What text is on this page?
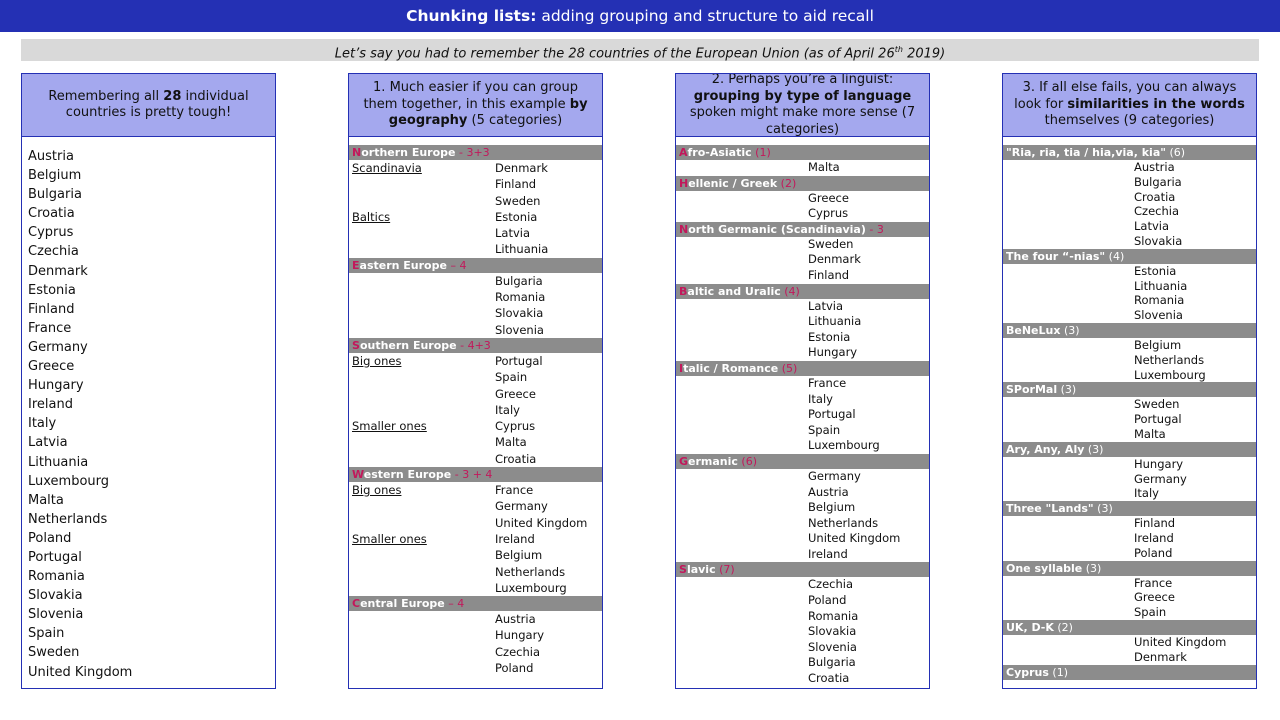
Chunking lists: adding grouping and structure to aid recall
Let’s say you had to remember the 28 countries of the European Union (as of April 26th 2019)
Remembering all 28 individual countries is pretty tough!
Austria
Belgium
Bulgaria
Croatia
Cyprus
Czechia
Denmark
Estonia
Finland
France
Germany
Greece
Hungary
Ireland
Italy
Latvia
Lithuania
Luxembourg
Malta
Netherlands
Poland
Portugal
Romania
Slovakia
Slovenia
Spain
Sweden
United Kingdom
1. Much easier if you can group them together, in this example by geography (5 categories)
Northern Europe - 3+3
Scandinavia	Denmark
Finland
Sweden
Baltics	Estonia
Latvia
Lithuania
Eastern Europe – 4
Bulgaria
Romania
Slovakia
Slovenia
Southern Europe - 4+3
Big ones	Portugal
Spain
Greece
Italy
Smaller ones	Cyprus
Malta
Croatia
Western Europe - 3 + 4
Big ones	France
Germany
United Kingdom
Smaller ones	Ireland
Belgium
Netherlands
Luxembourg
Central Europe – 4
Austria
Hungary
Czechia
Poland
2. Perhaps you’re a linguist: grouping by type of language spoken might make more sense (7 categories)
Afro-Asiatic (1)
Malta
Hellenic / Greek (2)
Greece
Cyprus
North Germanic (Scandinavia) - 3
Sweden
Denmark
Finland
Baltic and Uralic (4)
Latvia
Lithuania
Estonia
Hungary
Italic / Romance (5)
France
Italy
Portugal
Spain
Luxembourg
Germanic (6)
Germany
Austria
Belgium
Netherlands
United Kingdom
Ireland
Slavic (7)
Czechia
Poland
Romania
Slovakia
Slovenia
Bulgaria
Croatia
3. If all else fails, you can always look for similarities in the words themselves (9 categories)
"Ria, ria, tia / hia,via, kia" (6)
Austria
Bulgaria
Croatia
Czechia
Latvia
Slovakia
The four “-nias" (4)
Estonia
Lithuania
Romania
Slovenia
BeNeLux (3)
Belgium
Netherlands
Luxembourg
SPorMal (3)
Sweden
Portugal
Malta
Ary, Any, Aly (3)
Hungary
Germany
Italy
Three "Lands" (3)
Finland
Ireland
Poland
One syllable (3)
France
Greece
Spain
UK, D-K (2)
United Kingdom
Denmark
Cyprus (1)
